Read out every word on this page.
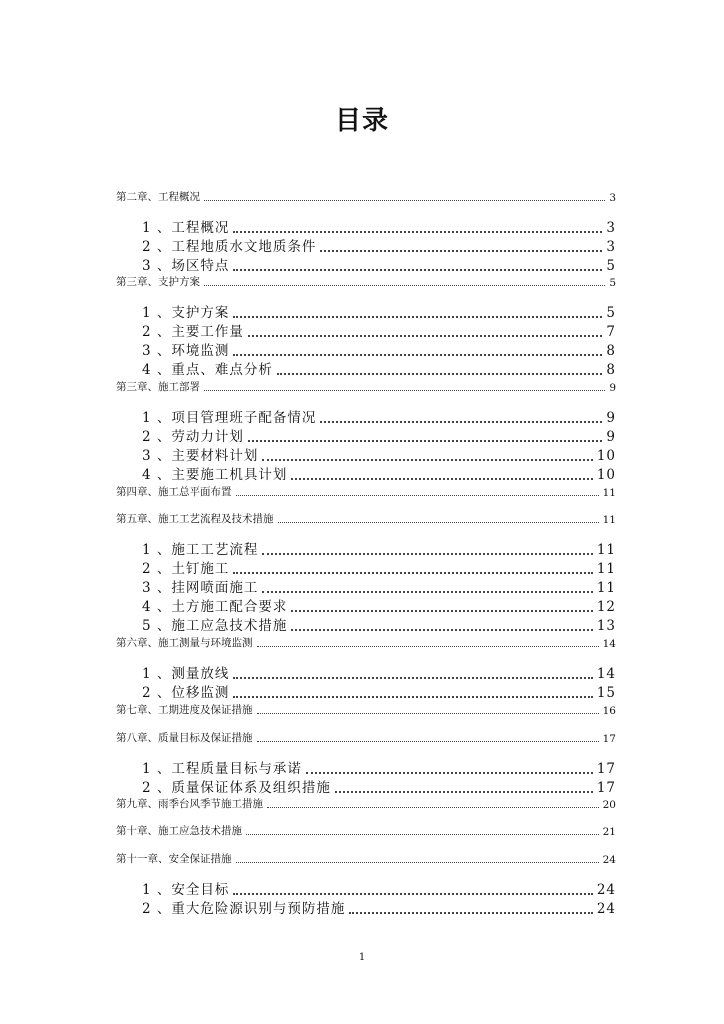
目录
第二章、工程概况	3
1 、工程概况	3
2 、工程地质水文地质条件	3
3 、场区特点	5
第三章、支护方案	5
1 、支护方案	5
2 、主要工作量	7
3 、环境监测	8
4 、重点、难点分析	8
第三章、施工部署	9
1 、项目管理班子配备情况	9
2 、劳动力计划	9
3 、主要材料计划	10
4 、主要施工机具计划	10
第四章、施工总平面布置	11
第五章、施工工艺流程及技术措施	11
1 、施工工艺流程	11
2 、土钉施工	11
3 、挂网喷面施工	11
4 、土方施工配合要求	12
5 、施工应急技术措施	13
第六章、施工测量与环境监测	14
1 、测量放线	14
2 、位移监测	15
第七章、工期进度及保证措施	16
第八章、质量目标及保证措施	17
1 、工程质量目标与承诺	17
2 、质量保证体系及组织措施	17
第九章、雨季台风季节施工措施	20
第十章、施工应急技术措施	21
第十一章、安全保证措施	24
1 、安全目标	24
2 、重大危险源识别与预防措施	24
1
